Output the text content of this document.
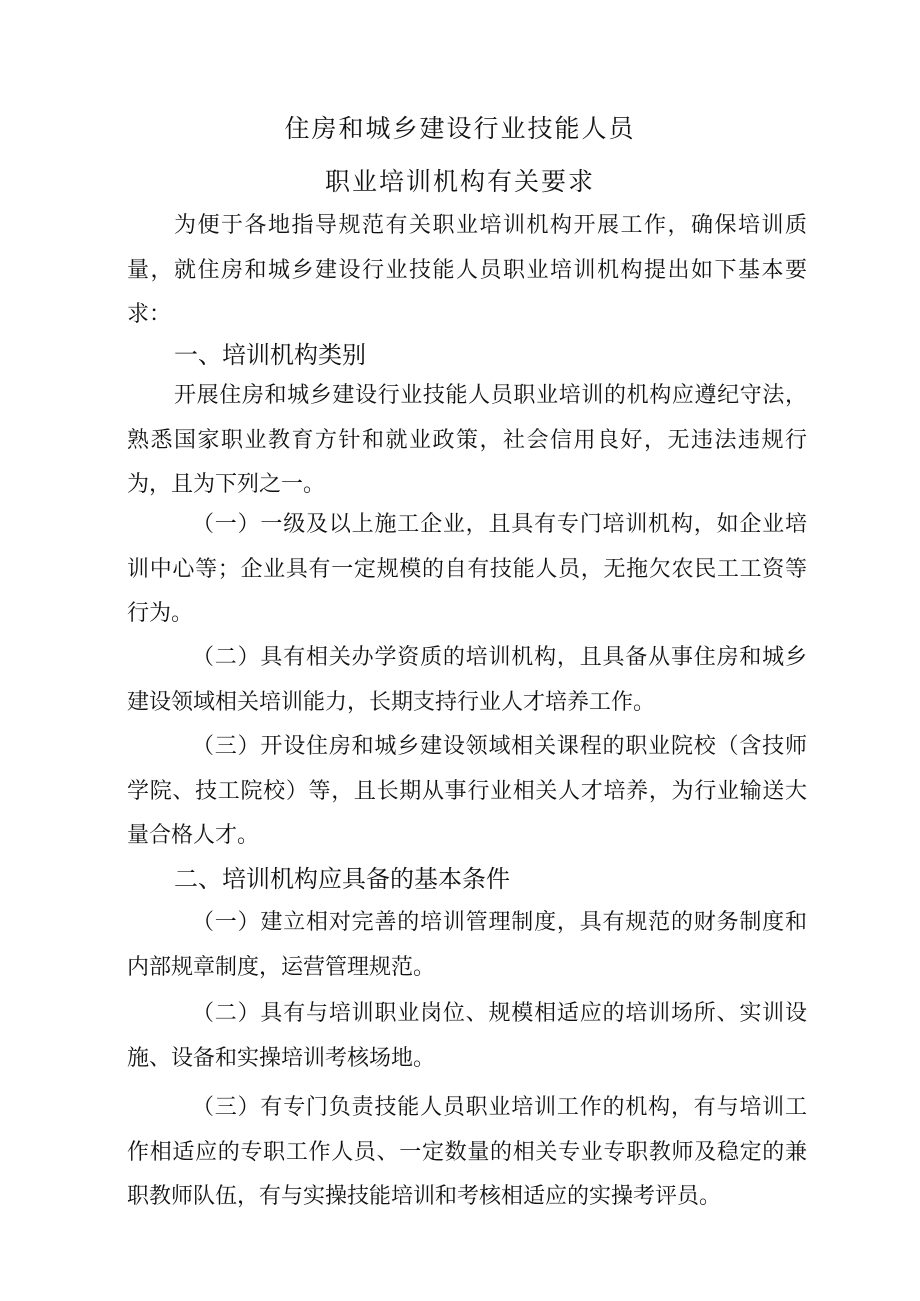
住房和城乡建设行业技能人员
职业培训机构有关要求

为便于各地指导规范有关职业培训机构开展工作，确保培训质量，就住房和城乡建设行业技能人员职业培训机构提出如下基本要求：

一、培训机构类别

开展住房和城乡建设行业技能人员职业培训的机构应遵纪守法，熟悉国家职业教育方针和就业政策，社会信用良好，无违法违规行为，且为下列之一。

（一）一级及以上施工企业，且具有专门培训机构，如企业培训中心等；企业具有一定规模的自有技能人员，无拖欠农民工工资等行为。

（二）具有相关办学资质的培训机构，且具备从事住房和城乡建设领域相关培训能力，长期支持行业人才培养工作。

（三）开设住房和城乡建设领域相关课程的职业院校（含技师学院、技工院校）等，且长期从事行业相关人才培养，为行业输送大量合格人才。

二、培训机构应具备的基本条件

（一）建立相对完善的培训管理制度，具有规范的财务制度和内部规章制度，运营管理规范。

（二）具有与培训职业岗位、规模相适应的培训场所、实训设施、设备和实操培训考核场地。

（三）有专门负责技能人员职业培训工作的机构，有与培训工作相适应的专职工作人员、一定数量的相关专业专职教师及稳定的兼职教师队伍，有与实操技能培训和考核相适应的实操考评员。
